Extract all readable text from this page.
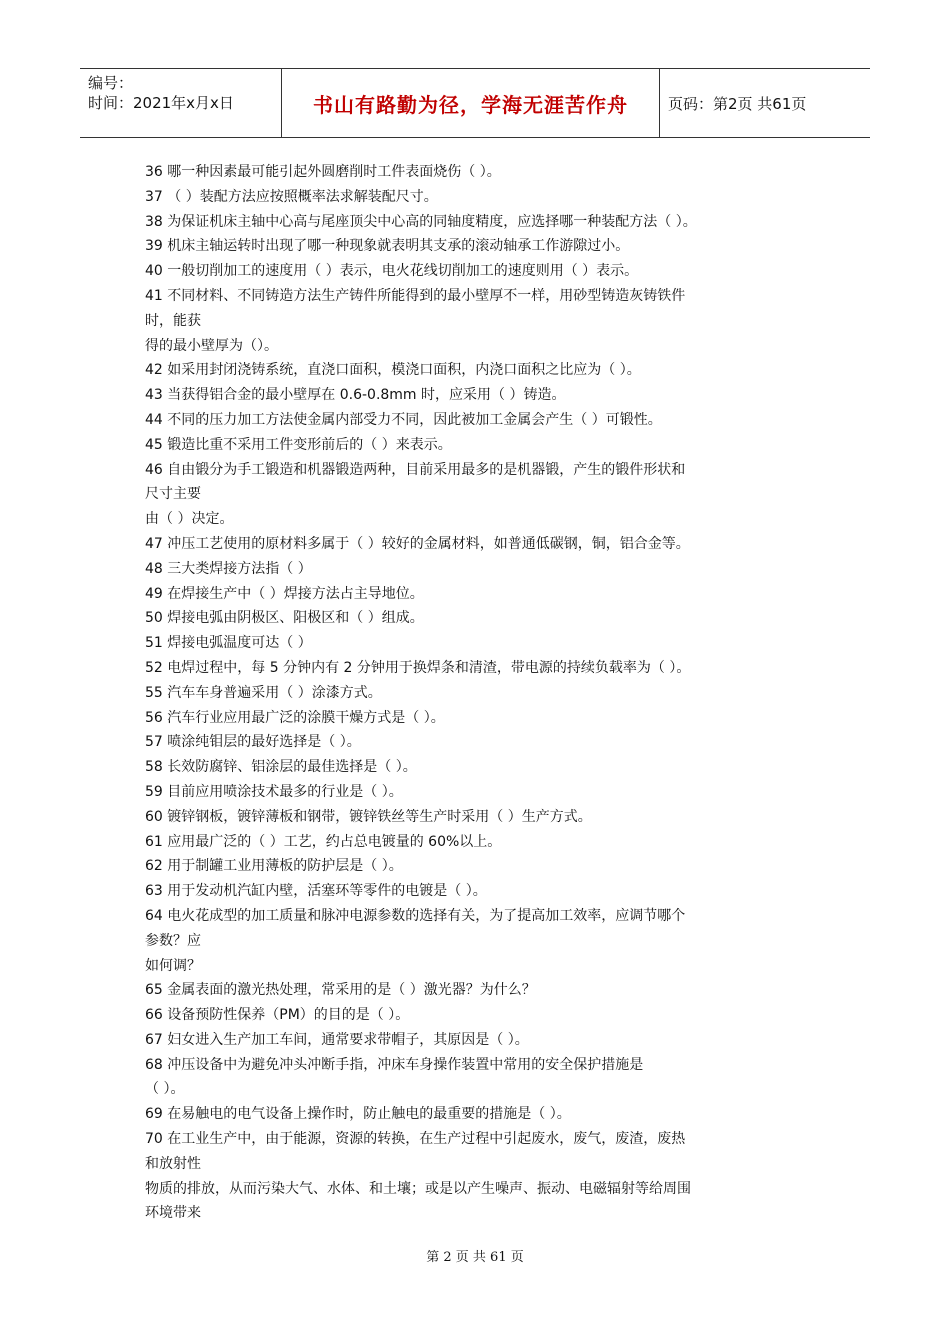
编号：
时间：2021年x月x日	书山有路勤为径，学海无涯苦作舟	页码：第2页 共61页
36 哪一种因素最可能引起外圆磨削时工件表面烧伤（ ）。
37 （ ）装配方法应按照概率法求解装配尺寸。
38 为保证机床主轴中心高与尾座顶尖中心高的同轴度精度，应选择哪一种装配方法（ ）。
39 机床主轴运转时出现了哪一种现象就表明其支承的滚动轴承工作游隙过小。
40 一般切削加工的速度用（ ）表示，电火花线切削加工的速度则用（ ）表示。
41 不同材料、不同铸造方法生产铸件所能得到的最小壁厚不一样，用砂型铸造灰铸铁件
时，能获
得的最小壁厚为（）。
42 如采用封闭浇铸系统，直浇口面积，模浇口面积，内浇口面积之比应为（ ）。
43 当获得铝合金的最小壁厚在 0.6-0.8mm 时，应采用（ ）铸造。
44 不同的压力加工方法使金属内部受力不同，因此被加工金属会产生（ ）可锻性。
45 锻造比重不采用工件变形前后的（ ）来表示。
46 自由锻分为手工锻造和机器锻造两种，目前采用最多的是机器锻，产生的锻件形状和
尺寸主要
由（ ）决定。
47 冲压工艺使用的原材料多属于（ ）较好的金属材料，如普通低碳钢，铜，铝合金等。
48 三大类焊接方法指（ ）
49 在焊接生产中（ ）焊接方法占主导地位。
50 焊接电弧由阴极区、阳极区和（ ）组成。
51 焊接电弧温度可达（ ）
52 电焊过程中，每 5 分钟内有 2 分钟用于换焊条和清渣，带电源的持续负载率为（ ）。
55 汽车车身普遍采用（ ）涂漆方式。
56 汽车行业应用最广泛的涂膜干燥方式是（ ）。
57 喷涂纯钼层的最好选择是（ ）。
58 长效防腐锌、铝涂层的最佳选择是（ ）。
59 目前应用喷涂技术最多的行业是（ ）。
60 镀锌钢板，镀锌薄板和钢带，镀锌铁丝等生产时采用（ ）生产方式。
61 应用最广泛的（ ）工艺，约占总电镀量的 60%以上。
62 用于制罐工业用薄板的防护层是（ ）。
63 用于发动机汽缸内壁，活塞环等零件的电镀是（ ）。
64 电火花成型的加工质量和脉冲电源参数的选择有关，为了提高加工效率，应调节哪个
参数？应
如何调？
65 金属表面的激光热处理，常采用的是（ ）激光器？为什么？
66 设备预防性保养（PM）的目的是（ ）。
67 妇女进入生产加工车间，通常要求带帽子，其原因是（ ）。
68 冲压设备中为避免冲头冲断手指，冲床车身操作装置中常用的安全保护措施是
（ ）。
69 在易触电的电气设备上操作时，防止触电的最重要的措施是（ ）。
70 在工业生产中，由于能源，资源的转换，在生产过程中引起废水，废气，废渣，废热
和放射性
物质的排放，从而污染大气、水体、和土壤；或是以产生噪声、振动、电磁辐射等给周围
环境带来
第 2 页 共 61 页
